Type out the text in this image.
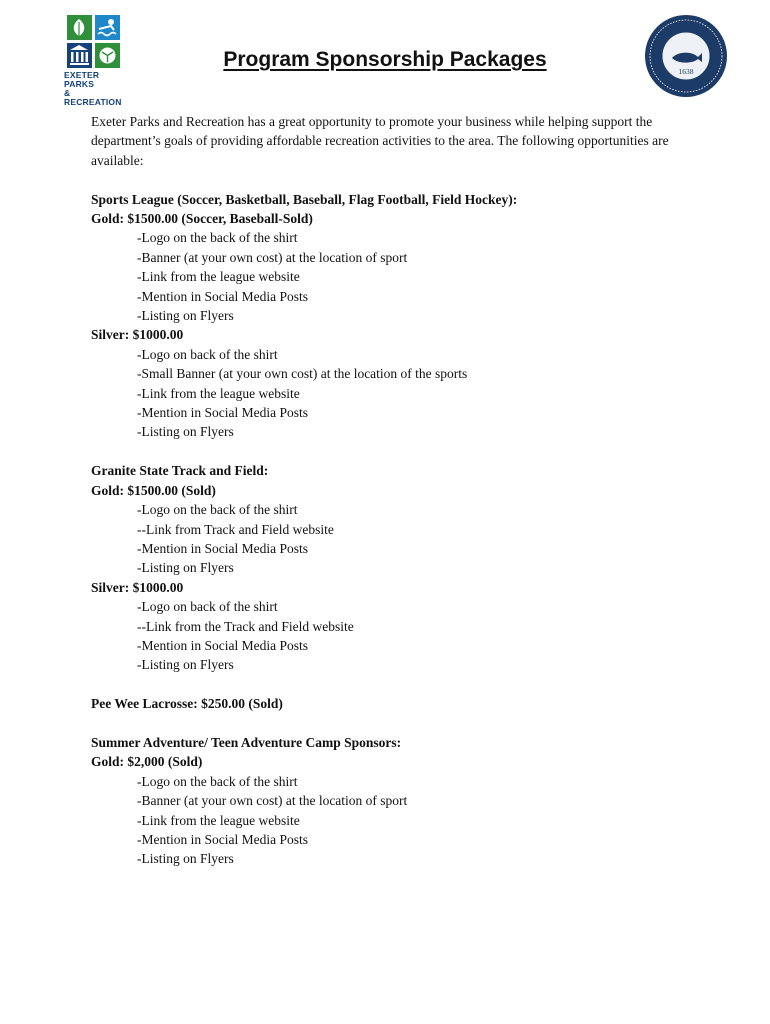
EXETER PARKS
& RECREATION
1638
Program Sponsorship Packages

Exeter Parks and Recreation has a great opportunity to promote your business while helping support the department’s goals of providing affordable recreation activities to the area. The following opportunities are available:

Sports League (Soccer, Basketball, Baseball, Flag Football, Field Hockey):

Gold: $1500.00 (Soccer, Baseball-Sold)

-Logo on the back of the shirt

-Banner (at your own cost) at the location of sport

-Link from the league website

-Mention in Social Media Posts

-Listing on Flyers

Silver: $1000.00

-Logo on back of the shirt

-Small Banner (at your own cost) at the location of the sports

-Link from the league website

-Mention in Social Media Posts

-Listing on Flyers

Granite State Track and Field:

Gold: $1500.00 (Sold)

-Logo on the back of the shirt

--Link from Track and Field website

-Mention in Social Media Posts

-Listing on Flyers

Silver: $1000.00

-Logo on back of the shirt

--Link from the Track and Field website

-Mention in Social Media Posts

-Listing on Flyers

Pee Wee Lacrosse: $250.00 (Sold)

Summer Adventure/ Teen Adventure Camp Sponsors:

Gold: $2,000 (Sold)

-Logo on the back of the shirt

-Banner (at your own cost) at the location of sport

-Link from the league website

-Mention in Social Media Posts

-Listing on Flyers
